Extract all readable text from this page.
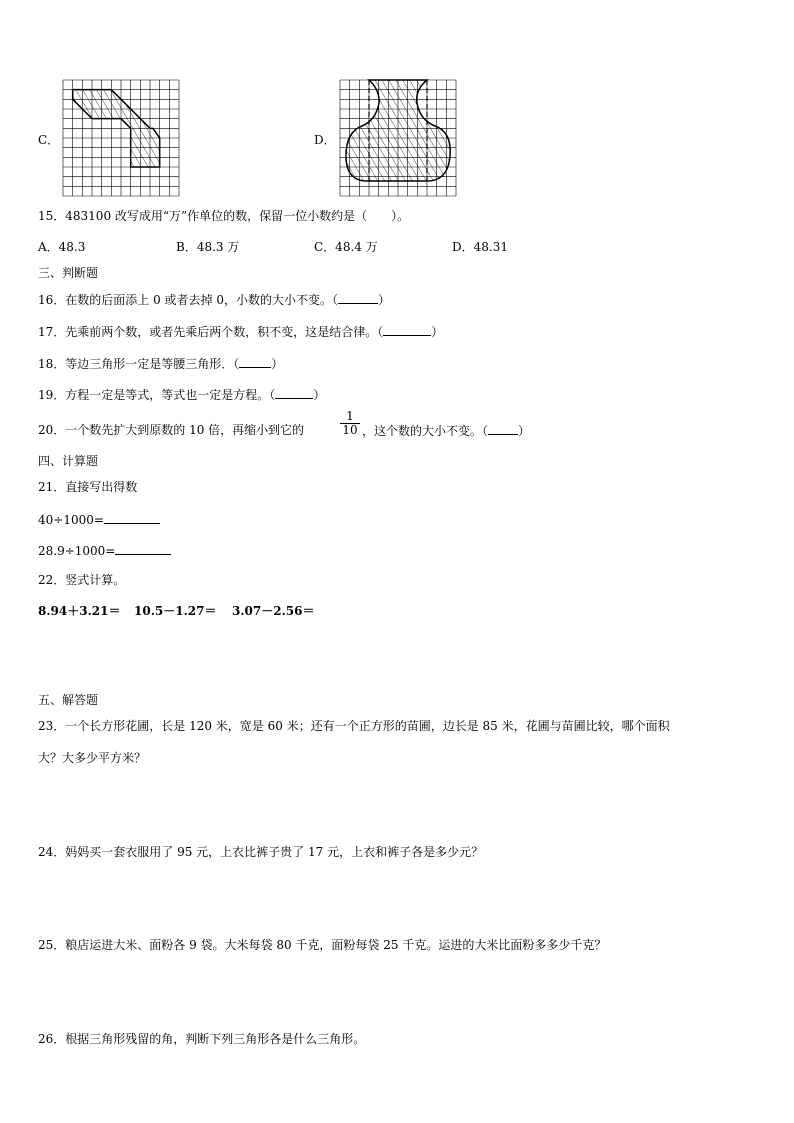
C．	D．
15．483100 改写成用“万”作单位的数，保留一位小数约是（　　）。
A．48.3	B．48.3 万	C．48.4 万	D．48.31
三、判断题
16．在数的后面添上 0 或者去掉 0，小数的大小不变。（	）
17．先乘前两个数，或者先乘后两个数，积不变，这是结合律。（	）
18．等边三角形一定是等腰三角形．（	）
19．方程一定是等式，等式也一定是方程。（	）
20．一个数先扩大到原数的 10 倍，再缩小到它的	$\frac{1}{10}$ ，这个数的大小不变。（	）
四、计算题
21．直接写出得数
40÷1000=
28.9÷1000=
22．竖式计算。
8.94＋3.21＝ 10.5－1.27＝ 3.07－2.56＝
五、解答题
23．一个长方形花圃，长是 120 米，宽是 60 米；还有一个正方形的苗圃，边长是 85 米，花圃与苗圃比较，哪个面积
大？大多少平方米？
24．妈妈买一套衣服用了 95 元，上衣比裤子贵了 17 元，上衣和裤子各是多少元？
25．粮店运进大米、面粉各 9 袋。大米每袋 80 千克，面粉每袋 25 千克。运进的大米比面粉多多少千克？
26．根据三角形残留的角，判断下列三角形各是什么三角形。
